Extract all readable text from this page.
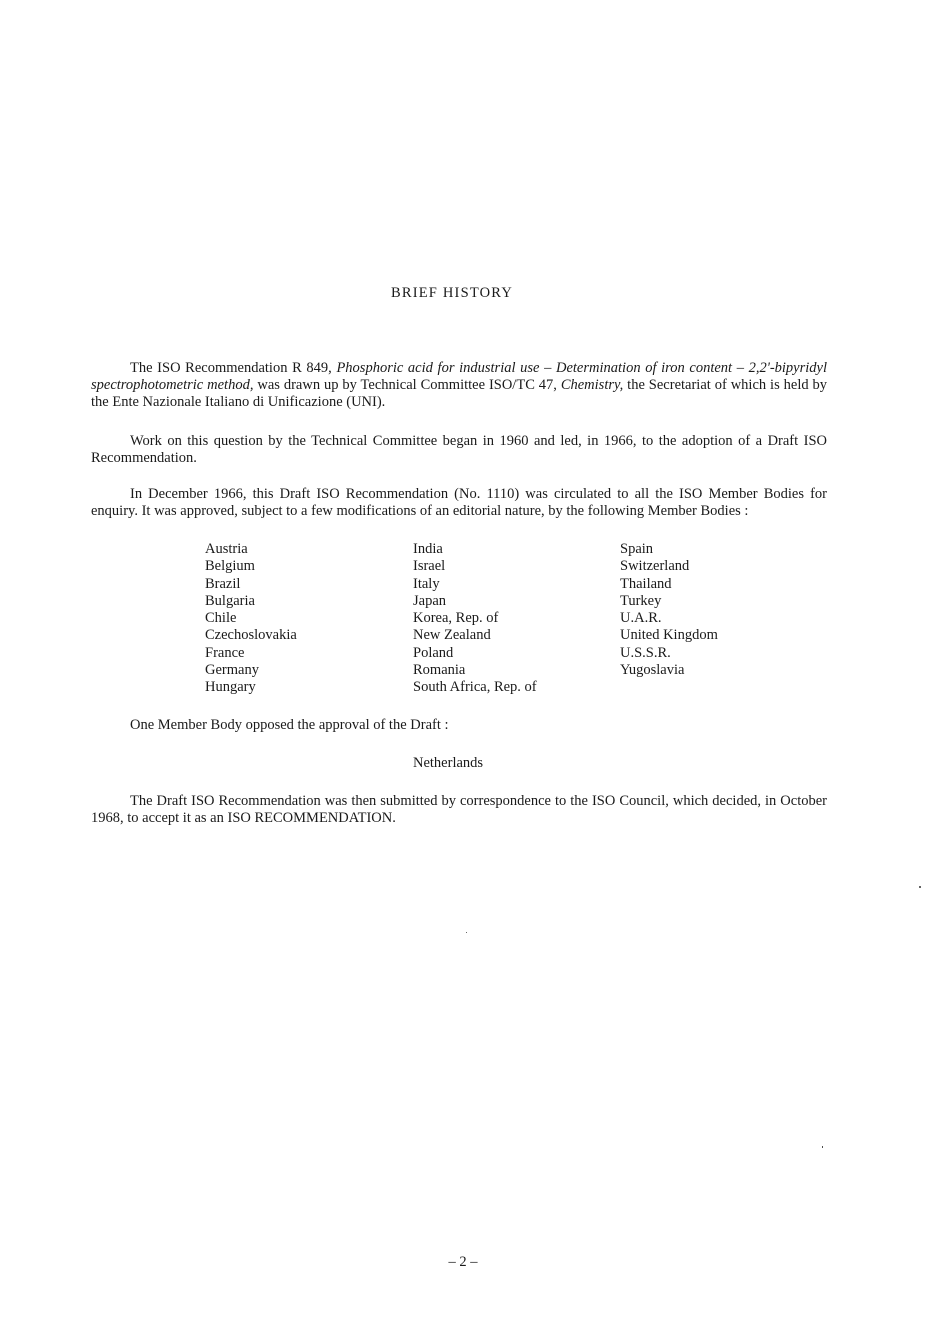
BRIEF HISTORY
The ISO Recommendation R 849, Phosphoric acid for industrial use – Determination of iron content – 2,2'-bipyridyl spectrophotometric method, was drawn up by Technical Committee ISO/TC 47, Chemistry, the Secretariat of which is held by the Ente Nazionale Italiano di Unificazione (UNI).
Work on this question by the Technical Committee began in 1960 and led, in 1966, to the adoption of a Draft ISO Recommendation.
In December 1966, this Draft ISO Recommendation (No. 1110) was circulated to all the ISO Member Bodies for enquiry. It was approved, subject to a few modifications of an editorial nature, by the following Member Bodies :
Austria
Belgium
Brazil
Bulgaria
Chile
Czechoslovakia
France
Germany
Hungary
India
Israel
Italy
Japan
Korea, Rep. of
New Zealand
Poland
Romania
South Africa, Rep. of
Spain
Switzerland
Thailand
Turkey
U.A.R.
United Kingdom
U.S.S.R.
Yugoslavia
One Member Body opposed the approval of the Draft :
Netherlands
The Draft ISO Recommendation was then submitted by correspondence to the ISO Council, which decided, in October 1968, to accept it as an ISO RECOMMENDATION.
– 2 –
